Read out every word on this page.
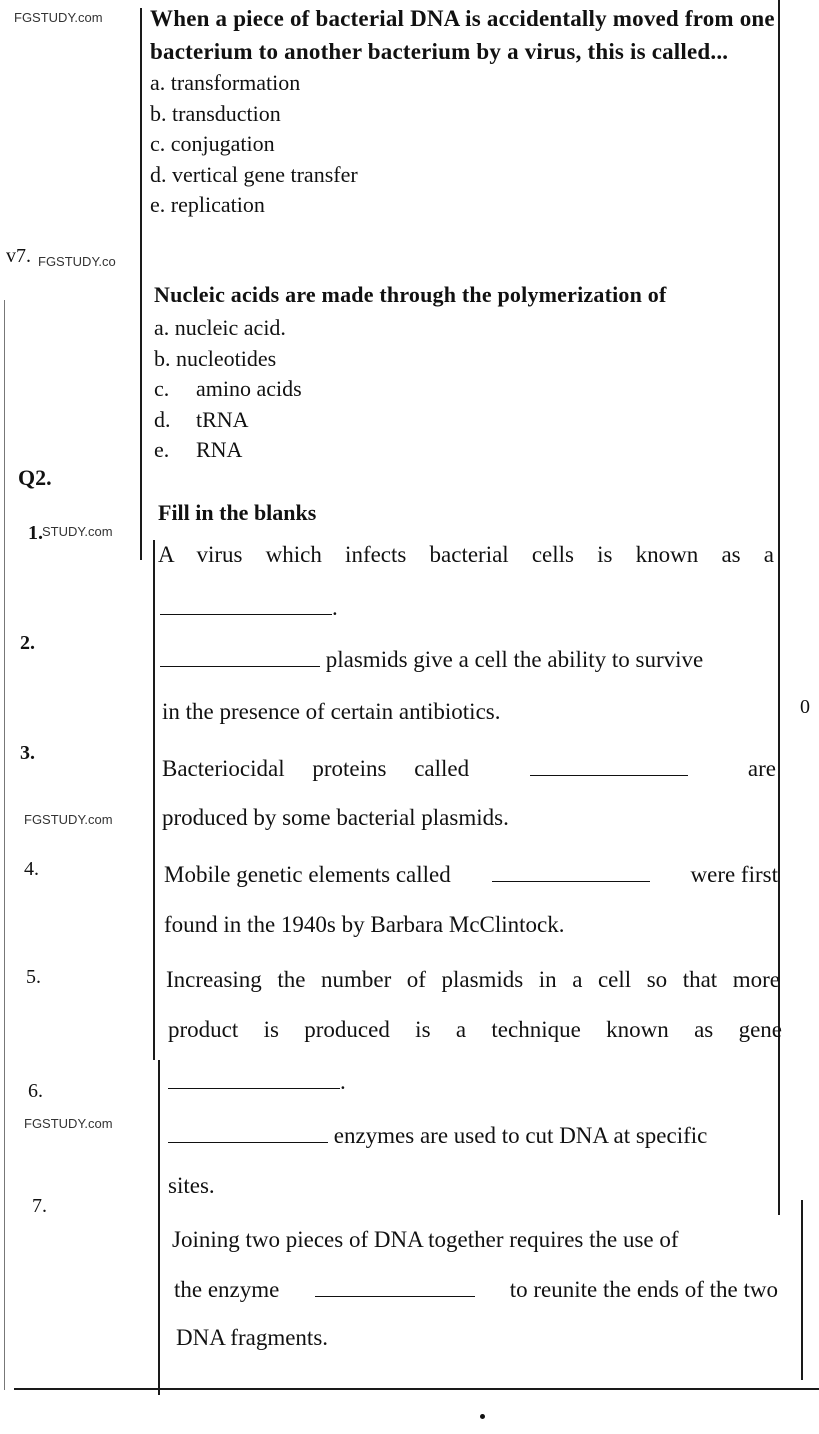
FGSTUDY.com
v7. FGSTUDY.co
Q2.
1. STUDY.com
2.
3.
FGSTUDY.com
4.
5.
6.
FGSTUDY.com
7.
0
When a piece of bacterial DNA is accidentally moved from one bacterium to another bacterium by a virus, this is called...
a. transformation
b. transduction
c. conjugation
d. vertical gene transfer
e. replication
Nucleic acids are made through the polymerization of
a. nucleic acid.
b. nucleotides
c. amino acids
d. tRNA
e. RNA
Fill in the blanks
A virus which infects bacterial cells is known as a
.
plasmids give a cell the ability to survive
in the presence of certain antibiotics.
Bacteriocidal proteins called	are
produced by some bacterial plasmids.
Mobile genetic elements called	were first
found in the 1940s by Barbara McClintock.
Increasing the number of plasmids in a cell so that more
product is produced is a technique known as gene
.
enzymes are used to cut DNA at specific
sites.
Joining two pieces of DNA together requires the use of
the enzyme	to reunite the ends of the two
DNA fragments.
